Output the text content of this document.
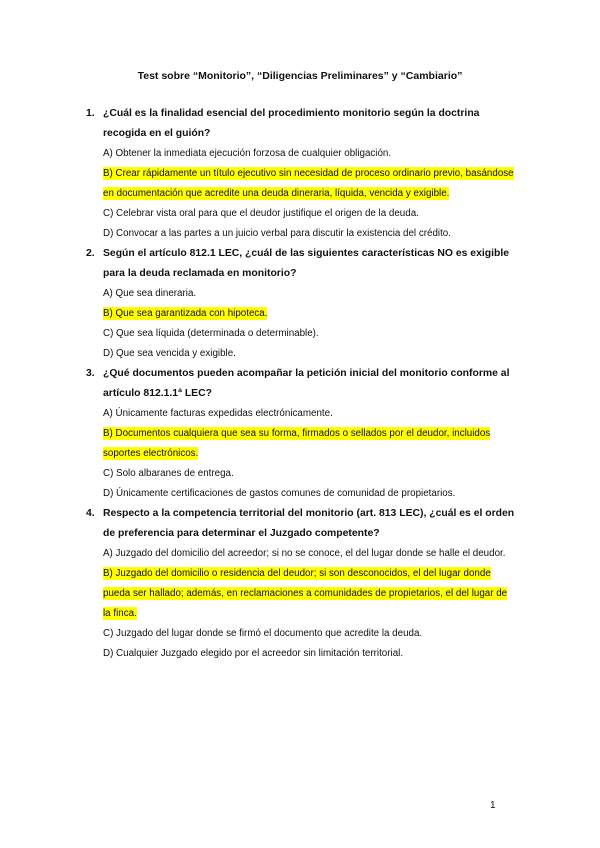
Test sobre “Monitorio”, “Diligencias Preliminares” y “Cambiario”
1. ¿Cuál es la finalidad esencial del procedimiento monitorio según la doctrina recogida en el guión?

A) Obtener la inmediata ejecución forzosa de cualquier obligación.

B) Crear rápidamente un título ejecutivo sin necesidad de proceso ordinario previo, basándose en documentación que acredite una deuda dineraria, líquida, vencida y exigible.

C) Celebrar vista oral para que el deudor justifique el origen de la deuda.

D) Convocar a las partes a un juicio verbal para discutir la existencia del crédito.

2. Según el artículo 812.1 LEC, ¿cuál de las siguientes características NO es exigible para la deuda reclamada en monitorio?

A) Que sea dineraria.

B) Que sea garantizada con hipoteca.

C) Que sea líquida (determinada o determinable).

D) Que sea vencida y exigible.

3. ¿Qué documentos pueden acompañar la petición inicial del monitorio conforme al artículo 812.1.1ª LEC?

A) Únicamente facturas expedidas electrónicamente.

B) Documentos cualquiera que sea su forma, firmados o sellados por el deudor, incluidos soportes electrónicos.

C) Solo albaranes de entrega.

D) Únicamente certificaciones de gastos comunes de comunidad de propietarios.

4. Respecto a la competencia territorial del monitorio (art. 813 LEC), ¿cuál es el orden de preferencia para determinar el Juzgado competente?

A) Juzgado del domicilio del acreedor; si no se conoce, el del lugar donde se halle el deudor.

B) Juzgado del domicilio o residencia del deudor; si son desconocidos, el del lugar donde pueda ser hallado; además, en reclamaciones a comunidades de propietarios, el del lugar de la finca.

C) Juzgado del lugar donde se firmó el documento que acredite la deuda.

D) Cualquier Juzgado elegido por el acreedor sin limitación territorial.

1
